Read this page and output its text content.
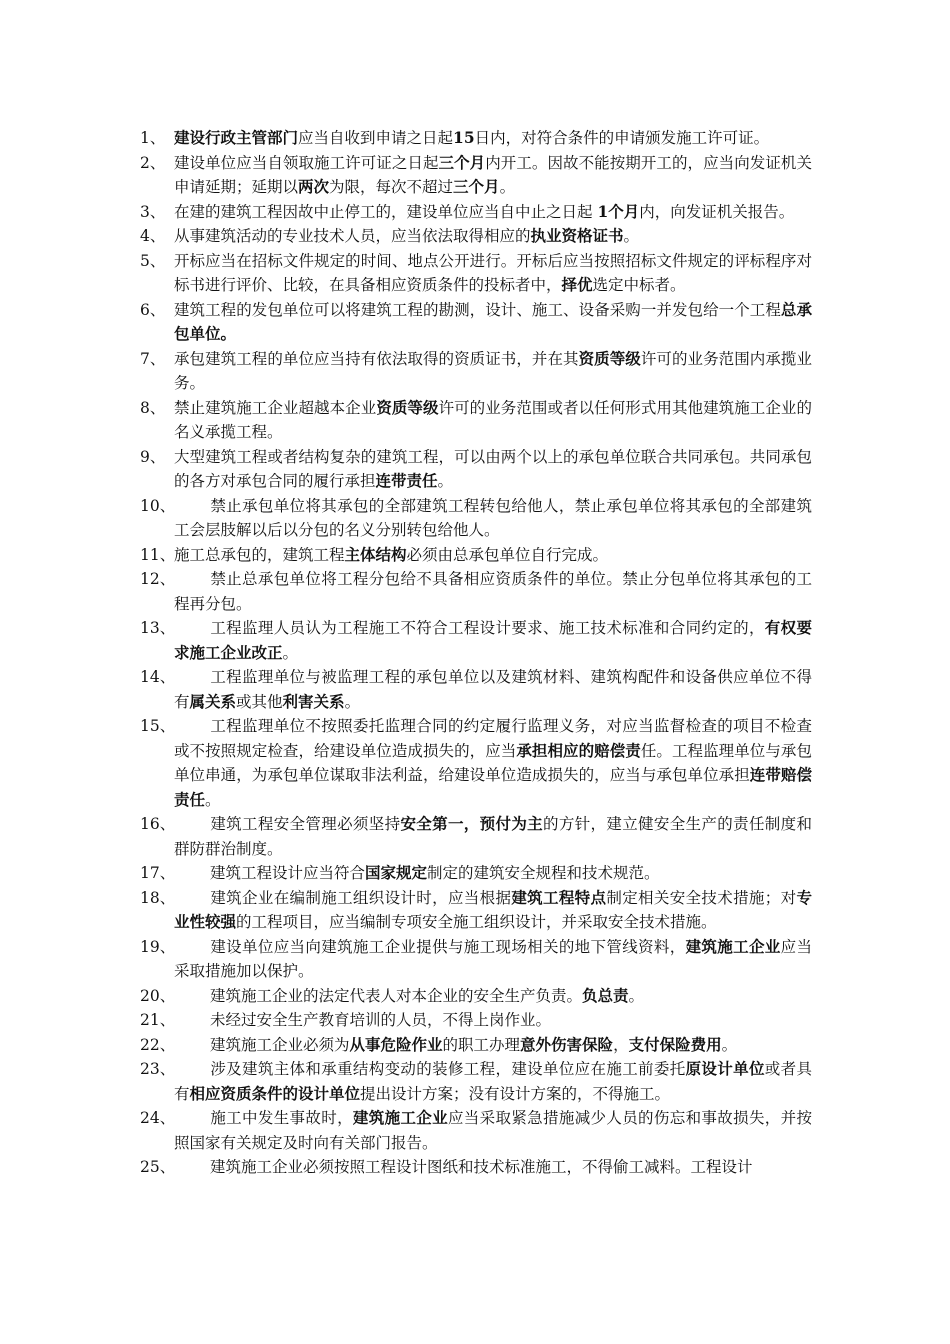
1、 建设行政主管部门应当自收到申请之日起15日内，对符合条件的申请颁发施工许可证。
2、 建设单位应当自领取施工许可证之日起三个月内开工。因故不能按期开工的，应当向发证机关申请延期；延期以两次为限，每次不超过三个月。
3、 在建的建筑工程因故中止停工的，建设单位应当自中止之日起 1个月内，向发证机关报告。
4、 从事建筑活动的专业技术人员，应当依法取得相应的执业资格证书。
5、 开标应当在招标文件规定的时间、地点公开进行。开标后应当按照招标文件规定的评标程序对标书进行评价、比较，在具备相应资质条件的投标者中，择优选定中标者。
6、 建筑工程的发包单位可以将建筑工程的勘测，设计、施工、设备采购一并发包给一个工程总承包单位。
7、 承包建筑工程的单位应当持有依法取得的资质证书，并在其资质等级许可的业务范围内承揽业务。
8、 禁止建筑施工企业超越本企业资质等级许可的业务范围或者以任何形式用其他建筑施工企业的名义承揽工程。
9、 大型建筑工程或者结构复杂的建筑工程，可以由两个以上的承包单位联合共同承包。共同承包的各方对承包合同的履行承担连带责任。
10、 禁止承包单位将其承包的全部建筑工程转包给他人，禁止承包单位将其承包的全部建筑工会层肢解以后以分包的名义分别转包给他人。
11、
施工总承包的，建筑工程主体结构必须由总承包单位自行完成。
12、 禁止总承包单位将工程分包给不具备相应资质条件的单位。禁止分包单位将其承包的工程再分包。
13、 工程监理人员认为工程施工不符合工程设计要求、施工技术标准和合同约定的，有权要求施工企业改正。
14、 工程监理单位与被监理工程的承包单位以及建筑材料、建筑构配件和设备供应单位不得有属关系或其他利害关系。
15、 工程监理单位不按照委托监理合同的约定履行监理义务，对应当监督检查的项目不检查或不按照规定检查，给建设单位造成损失的，应当承担相应的赔偿责任。工程监理单位与承包单位串通，为承包单位谋取非法利益，给建设单位造成损失的，应当与承包单位承担连带赔偿责任。
16、 建筑工程安全管理必须坚持安全第一，预付为主的方针，建立健安全生产的责任制度和群防群治制度。
17、 建筑工程设计应当符合国家规定制定的建筑安全规程和技术规范。
18、 建筑企业在编制施工组织设计时，应当根据建筑工程特点制定相关安全技术措施；对专业性较强的工程项目，应当编制专项安全施工组织设计，并采取安全技术措施。
19、 建设单位应当向建筑施工企业提供与施工现场相关的地下管线资料，建筑施工企业应当采取措施加以保护。
20、 建筑施工企业的法定代表人对本企业的安全生产负责。负总责。
21、 未经过安全生产教育培训的人员，不得上岗作业。
22、 建筑施工企业必须为从事危险作业的职工办理意外伤害保险，支付保险费用。
23、 涉及建筑主体和承重结构变动的装修工程，建设单位应在施工前委托原设计单位或者具有相应资质条件的设计单位提出设计方案；没有设计方案的，不得施工。
24、 施工中发生事故时，建筑施工企业应当采取紧急措施减少人员的伤忘和事故损失，并按照国家有关规定及时向有关部门报告。
25、 建筑施工企业必须按照工程设计图纸和技术标准施工，不得偷工减料。工程设计
